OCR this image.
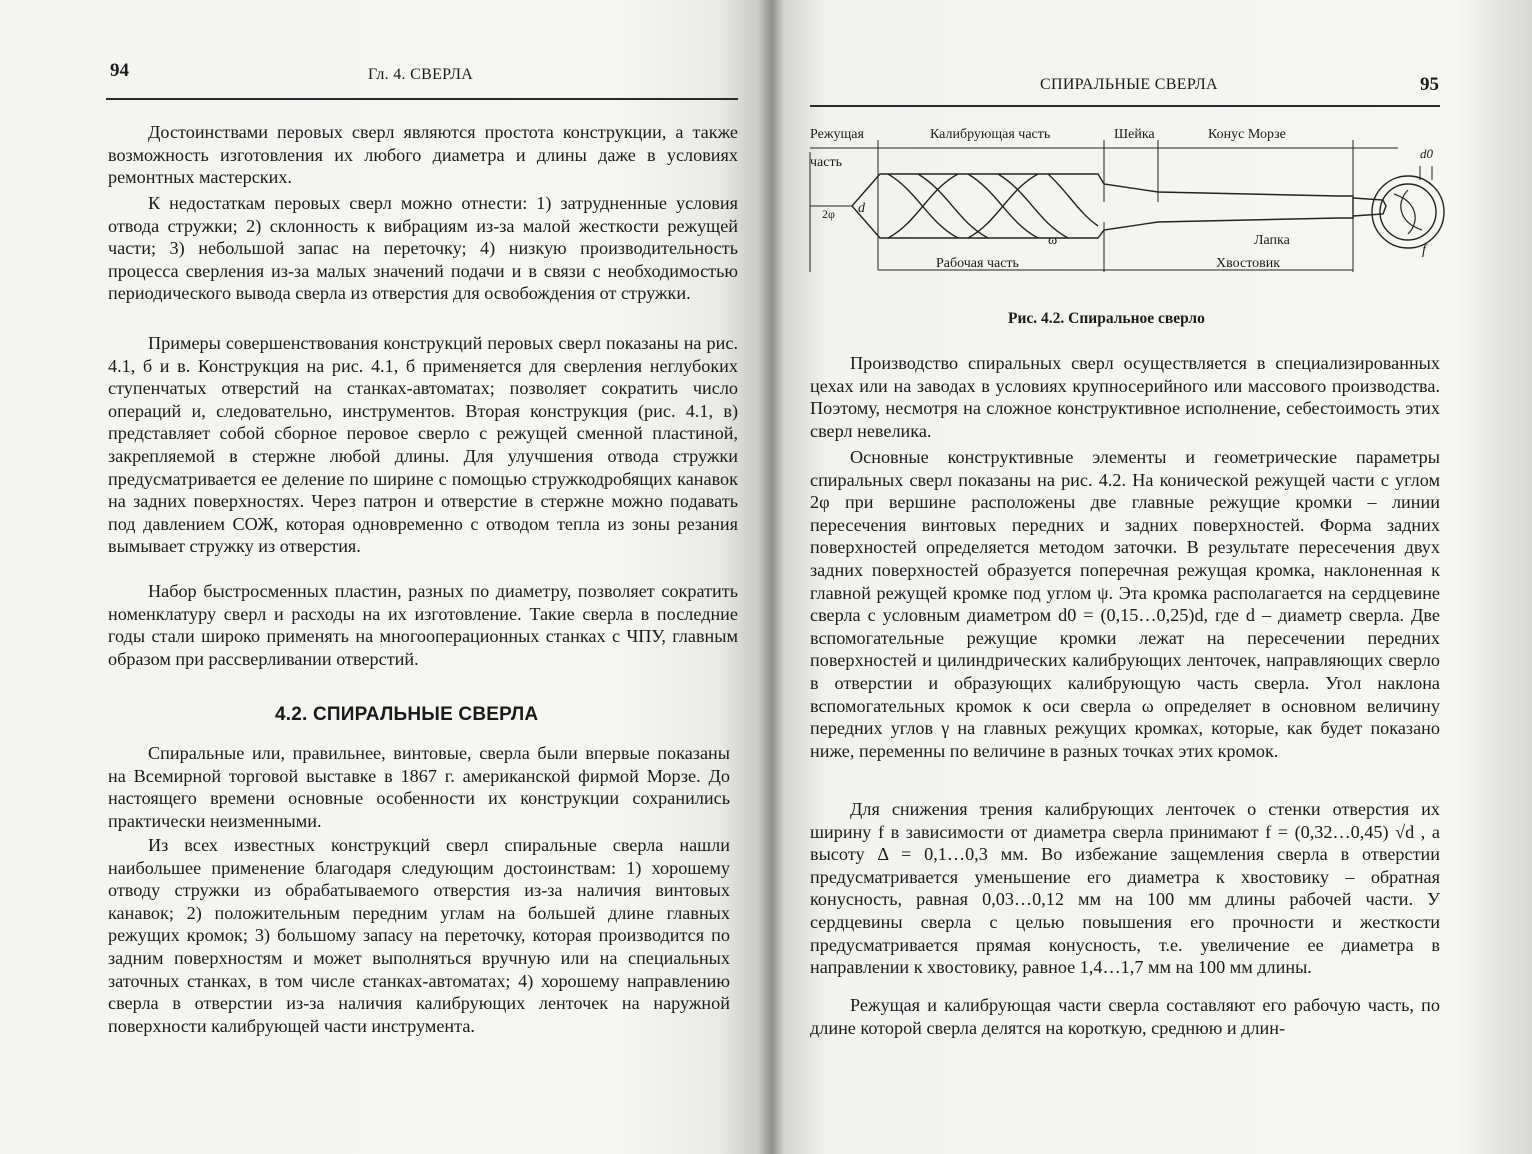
94	Гл. 4. СВЕРЛА

Достоинствами перовых сверл являются простота конструкции, а также возможность изготовления их любого диаметра и длины даже в условиях ремонтных мастерских.

К недостаткам перовых сверл можно отнести: 1) затрудненные условия отвода стружки; 2) склонность к вибрациям из-за малой жесткости режущей части; 3) небольшой запас на переточку; 4) низкую производительность процесса сверления из-за малых значений подачи и в связи с необходимостью периодического вывода сверла из отверстия для освобождения от стружки.

Примеры совершенствования конструкций перовых сверл показаны на рис. 4.1, б и в. Конструкция на рис. 4.1, б применяется для сверления неглубоких ступенчатых отверстий на станках-автоматах; позволяет сократить число операций и, следовательно, инструментов. Вторая конструкция (рис. 4.1, в) представляет собой сборное перовое сверло с режущей сменной пластиной, закрепляемой в стержне любой длины. Для улучшения отвода стружки предусматривается ее деление по ширине с помощью стружкодробящих канавок на задних поверхностях. Через патрон и отверстие в стержне можно подавать под давлением СОЖ, которая одновременно с отводом тепла из зоны резания вымывает стружку из отверстия.

Набор быстросменных пластин, разных по диаметру, позволяет сократить номенклатуру сверл и расходы на их изготовление. Такие сверла в последние годы стали широко применять на многооперационных станках с ЧПУ, главным образом при рассверливании отверстий.

4.2. СПИРАЛЬНЫЕ СВЕРЛА

Спиральные или, правильнее, винтовые, сверла были впервые показаны на Всемирной торговой выставке в 1867 г. американской фирмой Морзе. До настоящего времени основные особенности их конструкции сохранились практически неизменными.

Из всех известных конструкций сверл спиральные сверла нашли наибольшее применение благодаря следующим достоинствам: 1) хорошему отводу стружки из обрабатываемого отверстия из-за наличия винтовых канавок; 2) положительным передним углам на большей длине главных режущих кромок; 3) большому запасу на переточку, которая производится по задним поверхностям и может выполняться вручную или на специальных заточных станках, в том числе станках-автоматах; 4) хорошему направлению сверла в отверстии из-за наличия калибрующих ленточек на наружной поверхности калибрующей части инструмента.

СПИРАЛЬНЫЕ СВЕРЛА	95
Режущая
часть
Калибрующая часть	Шейка	Конус Морзе
Рабочая часть
Лапка
Хвостовик
2φ d
ω
d0
f
Рис. 4.2. Спиральное сверло

Производство спиральных сверл осуществляется в специализированных цехах или на заводах в условиях крупносерийного или массового производства. Поэтому, несмотря на сложное конструктивное исполнение, себестоимость этих сверл невелика.

Основные конструктивные элементы и геометрические параметры спиральных сверл показаны на рис. 4.2. На конической режущей части с углом 2φ при вершине расположены две главные режущие кромки – линии пересечения винтовых передних и задних поверхностей. Форма задних поверхностей определяется методом заточки. В результате пересечения двух задних поверхностей образуется поперечная режущая кромка, наклоненная к главной режущей кромке под углом ψ. Эта кромка располагается на сердцевине сверла с условным диаметром d0 = (0,15…0,25)d, где d – диаметр сверла. Две вспомогательные режущие кромки лежат на пересечении передних поверхностей и цилиндрических калибрующих ленточек, направляющих сверло в отверстии и образующих калибрующую часть сверла. Угол наклона вспомогательных кромок к оси сверла ω определяет в основном величину передних углов γ на главных режущих кромках, которые, как будет показано ниже, переменны по величине в разных точках этих кромок.

Для снижения трения калибрующих ленточек о стенки отверстия их ширину f в зависимости от диаметра сверла принимают f = (0,32…0,45) √d , а высоту Δ = 0,1…0,3 мм. Во избежание защемления сверла в отверстии предусматривается уменьшение его диаметра к хвостовику – обратная конусность, равная 0,03…0,12 мм на 100 мм длины рабочей части. У сердцевины сверла с целью повышения его прочности и жесткости предусматривается прямая конусность, т.е. увеличение ее диаметра в направлении к хвостовику, равное 1,4…1,7 мм на 100 мм длины.

Режущая и калибрующая части сверла составляют его рабочую часть, по длине которой сверла делятся на короткую, среднюю и длин-
